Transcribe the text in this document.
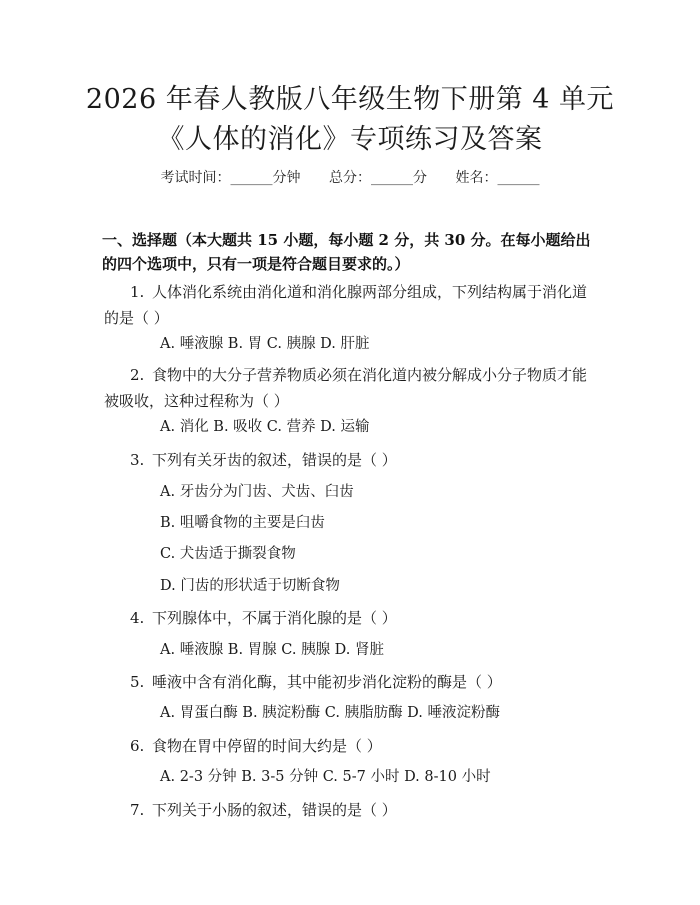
2026 年春人教版八年级生物下册第 4 单元
《人体的消化》专项练习及答案
考试时间：______分钟 总分：______分 姓名：______
一、选择题（本大题共 15 小题，每小题 2 分，共 30 分。在每小题给出的四个选项中，只有一项是符合题目要求的。）
1. 人体消化系统由消化道和消化腺两部分组成，下列结构属于消化道的是（ ）
A. 唾液腺 B. 胃 C. 胰腺 D. 肝脏
2. 食物中的大分子营养物质必须在消化道内被分解成小分子物质才能被吸收，这种过程称为（ ）
A. 消化 B. 吸收 C. 营养 D. 运输
3. 下列有关牙齿的叙述，错误的是（ ）
A. 牙齿分为门齿、犬齿、臼齿
B. 咀嚼食物的主要是臼齿
C. 犬齿适于撕裂食物
D. 门齿的形状适于切断食物
4. 下列腺体中，不属于消化腺的是（ ）
A. 唾液腺 B. 胃腺 C. 胰腺 D. 肾脏
5. 唾液中含有消化酶，其中能初步消化淀粉的酶是（ ）
A. 胃蛋白酶 B. 胰淀粉酶 C. 胰脂肪酶 D. 唾液淀粉酶
6. 食物在胃中停留的时间大约是（ ）
A. 2-3 分钟 B. 3-5 分钟 C. 5-7 小时 D. 8-10 小时
7. 下列关于小肠的叙述，错误的是（ ）
